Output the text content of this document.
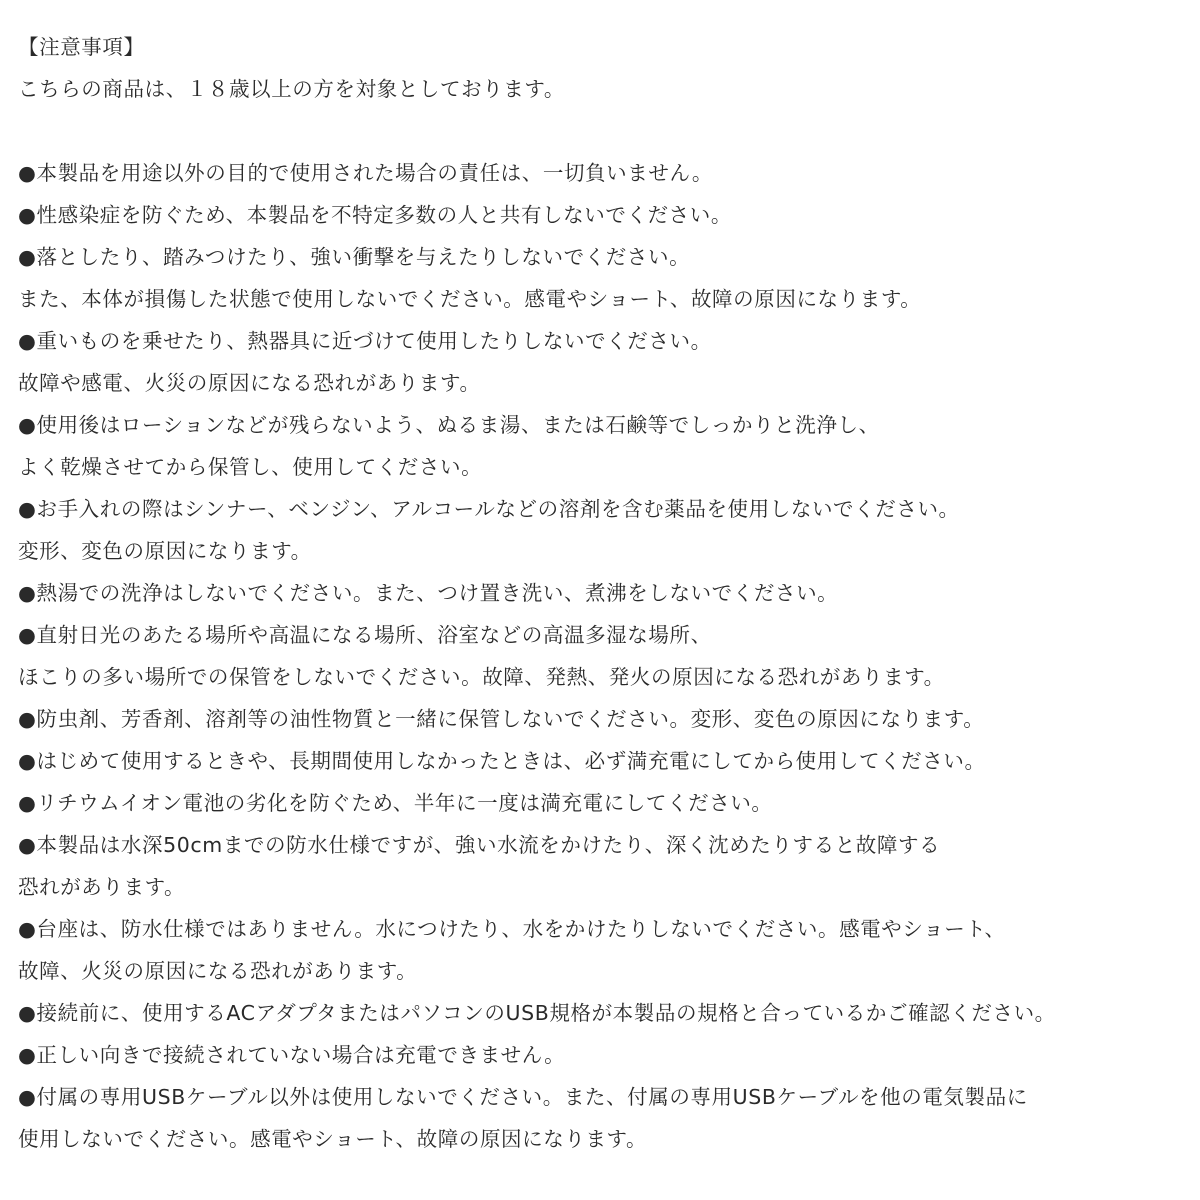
【注意事項】
こちらの商品は、１８歳以上の方を対象としております。
●本製品を用途以外の目的で使用された場合の責任は、一切負いません。
●性感染症を防ぐため、本製品を不特定多数の人と共有しないでください。
●落としたり、踏みつけたり、強い衝撃を与えたりしないでください。
また、本体が損傷した状態で使用しないでください。感電やショート、故障の原因になります。
●重いものを乗せたり、熱器具に近づけて使用したりしないでください。
故障や感電、火災の原因になる恐れがあります。
●使用後はローションなどが残らないよう、ぬるま湯、または石鹸等でしっかりと洗浄し、
よく乾燥させてから保管し、使用してください。
●お手入れの際はシンナー、ベンジン、アルコールなどの溶剤を含む薬品を使用しないでください。
変形、変色の原因になります。
●熱湯での洗浄はしないでください。また、つけ置き洗い、煮沸をしないでください。
●直射日光のあたる場所や高温になる場所、浴室などの高温多湿な場所、
ほこりの多い場所での保管をしないでください。故障、発熱、発火の原因になる恐れがあります。
●防虫剤、芳香剤、溶剤等の油性物質と一緒に保管しないでください。変形、変色の原因になります。
●はじめて使用するときや、長期間使用しなかったときは、必ず満充電にしてから使用してください。
●リチウムイオン電池の劣化を防ぐため、半年に一度は満充電にしてください。
●本製品は水深50cmまでの防水仕様ですが、強い水流をかけたり、深く沈めたりすると故障する
恐れがあります。
●台座は、防水仕様ではありません。水につけたり、水をかけたりしないでください。感電やショート、
故障、火災の原因になる恐れがあります。
●接続前に、使用するACアダプタまたはパソコンのUSB規格が本製品の規格と合っているかご確認ください。
●正しい向きで接続されていない場合は充電できません。
●付属の専用USBケーブル以外は使用しないでください。また、付属の専用USBケーブルを他の電気製品に
使用しないでください。感電やショート、故障の原因になります。
